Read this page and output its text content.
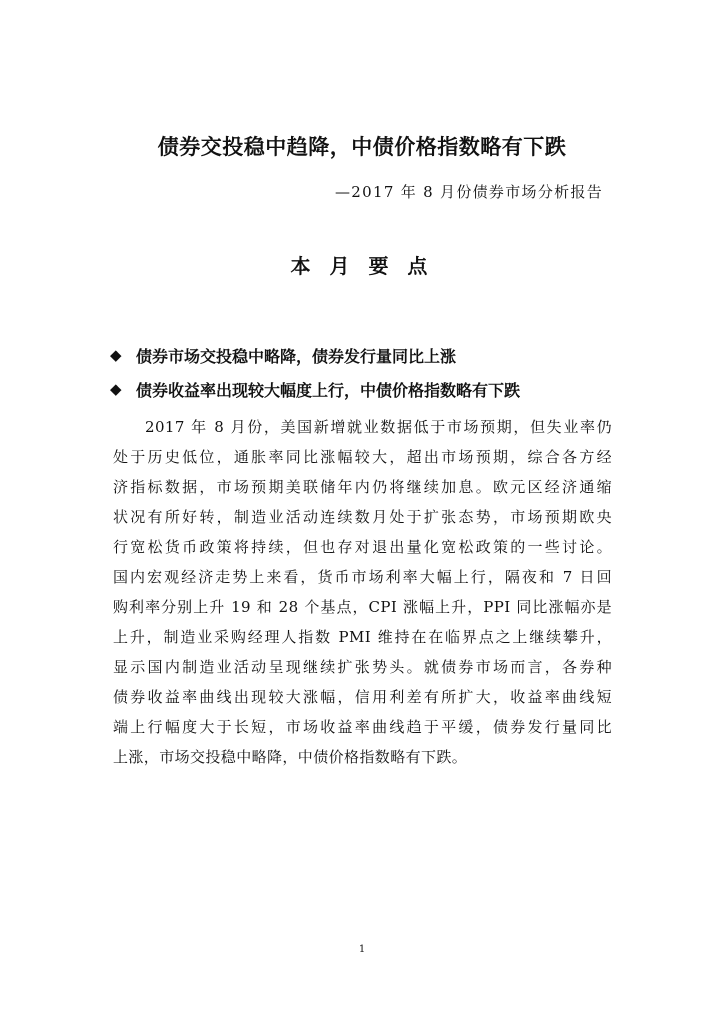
债券交投稳中趋降，中债价格指数略有下跌
—2017 年 8 月份债券市场分析报告
本 月 要 点
◆ 债券市场交投稳中略降，债券发行量同比上涨
◆ 债券收益率出现较大幅度上行，中债价格指数略有下跌
2017 年 8 月份，美国新增就业数据低于市场预期，但失业率仍
处于历史低位，通胀率同比涨幅较大，超出市场预期，综合各方经
济指标数据，市场预期美联储年内仍将继续加息。欧元区经济通缩
状况有所好转，制造业活动连续数月处于扩张态势，市场预期欧央
行宽松货币政策将持续，但也存对退出量化宽松政策的一些讨论。
国内宏观经济走势上来看，货币市场利率大幅上行，隔夜和 7 日回
购利率分别上升 19 和 28 个基点，CPI 涨幅上升，PPI 同比涨幅亦是
上升，制造业采购经理人指数 PMI 维持在在临界点之上继续攀升，
显示国内制造业活动呈现继续扩张势头。就债券市场而言，各券种
债券收益率曲线出现较大涨幅，信用利差有所扩大，收益率曲线短
端上行幅度大于长短，市场收益率曲线趋于平缓，债券发行量同比
上涨，市场交投稳中略降，中债价格指数略有下跌。
1
